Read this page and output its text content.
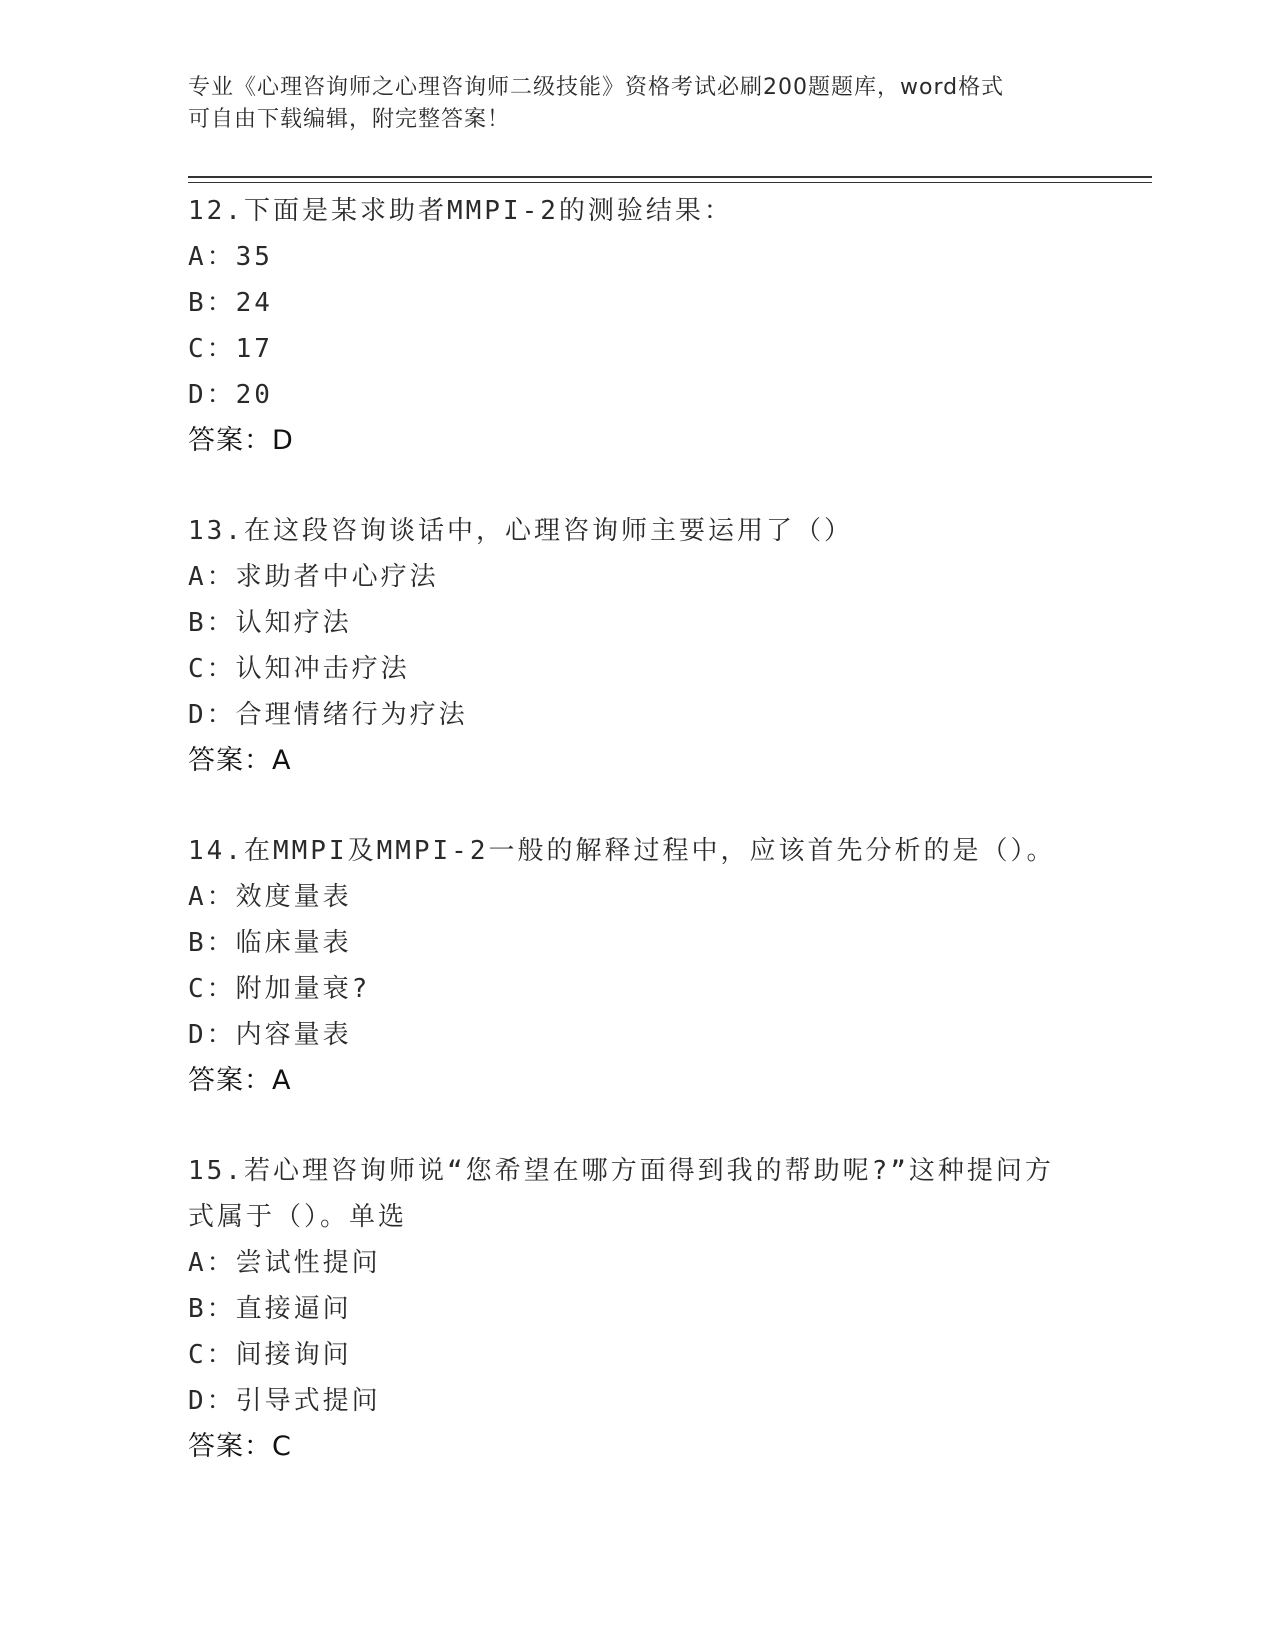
专业《心理咨询师之心理咨询师二级技能》资格考试必刷200题题库，word格式
可自由下载编辑，附完整答案！
12.下面是某求助者MMPI-2的测验结果：
A：35
B：24
C：17
D：20
答案：D
13.在这段咨询谈话中，心理咨询师主要运用了（）
A：求助者中心疗法
B：认知疗法
C：认知冲击疗法
D：合理情绪行为疗法
答案：A
14.在MMPI及MMPI-2一般的解释过程中，应该首先分析的是（）。
A：效度量表
B：临床量表
C：附加量衰?
D：内容量表
答案：A
15.若心理咨询师说“您希望在哪方面得到我的帮助呢?”这种提问方
式属于（）。单选
A：尝试性提问
B：直接逼问
C：间接询问
D：引导式提问
答案：C
